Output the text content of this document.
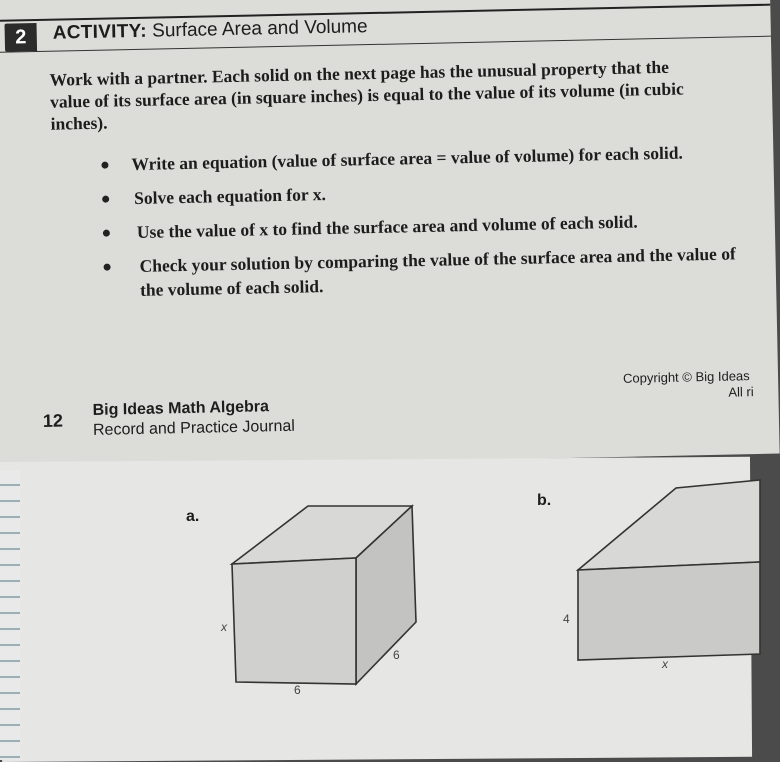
2	ACTIVITY: Surface Area and Volume
Work with a partner. Each solid on the next page has the unusual property that the value of its surface area (in square inches) is equal to the value of its volume (in cubic inches).
Write an equation (value of surface area = value of volume) for each solid.
Solve each equation for x.
Use the value of x to find the surface area and volume of each solid.
Check your solution by comparing the value of the surface area and the value of the volume of each solid.
12
Big Ideas Math Algebra
Record and Practice Journal
Copyright © Big Ideas
All ri
a.
x
6
6
b.
4
x
